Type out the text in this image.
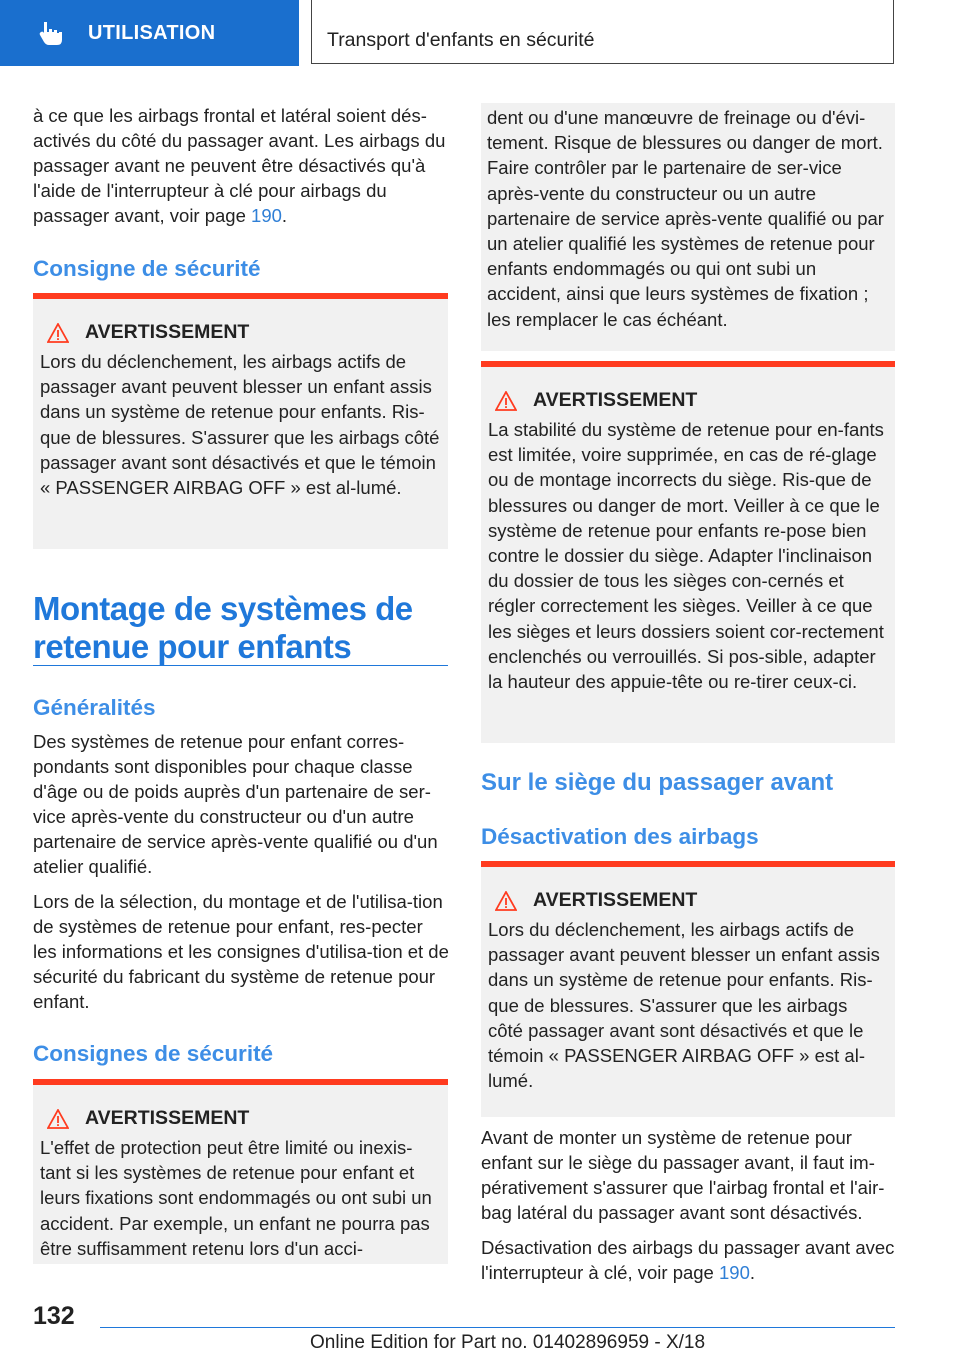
UTILISATION	Transport d'enfants en sécurité

à ce que les airbags frontal et latéral soient dés-activés du côté du passager avant. Les airbags du passager avant ne peuvent être désactivés qu'à l'aide de l'interrupteur à clé pour airbags du passager avant, voir page 190.

Consigne de sécurité
AVERTISSEMENT

Lors du déclenchement, les airbags actifs de passager avant peuvent blesser un enfant assis dans un système de retenue pour enfants. Ris-que de blessures. S'assurer que les airbags côté passager avant sont désactivés et que le témoin « PASSENGER AIRBAG OFF » est al-lumé.

Montage de systèmes de retenue pour enfants
Généralités

Des systèmes de retenue pour enfant corres-pondants sont disponibles pour chaque classe d'âge ou de poids auprès d'un partenaire de ser-vice après-vente du constructeur ou d'un autre partenaire de service après-vente qualifié ou d'un atelier qualifié.

Lors de la sélection, du montage et de l'utilisa-tion de systèmes de retenue pour enfant, res-pecter les informations et les consignes d'utilisa-tion et de sécurité du fabricant du système de retenue pour enfant.

Consignes de sécurité
AVERTISSEMENT

L'effet de protection peut être limité ou inexis-tant si les systèmes de retenue pour enfant et leurs fixations sont endommagés ou ont subi un accident. Par exemple, un enfant ne pourra pas être suffisamment retenu lors d'un acci-

dent ou d'une manœuvre de freinage ou d'évi-tement. Risque de blessures ou danger de mort. Faire contrôler par le partenaire de ser-vice après-vente du constructeur ou un autre partenaire de service après-vente qualifié ou par un atelier qualifié les systèmes de retenue pour enfants endommagés ou qui ont subi un accident, ainsi que leurs systèmes de fixation ; les remplacer le cas échéant.

AVERTISSEMENT

La stabilité du système de retenue pour en-fants est limitée, voire supprimée, en cas de ré-glage ou de montage incorrects du siège. Ris-que de blessures ou danger de mort. Veiller à ce que le système de retenue pour enfants re-pose bien contre le dossier du siège. Adapter l'inclinaison du dossier de tous les sièges con-cernés et régler correctement les sièges. Veiller à ce que les sièges et leurs dossiers soient cor-rectement enclenchés ou verrouillés. Si pos-sible, adapter la hauteur des appuie-tête ou re-tirer ceux-ci.

Sur le siège du passager avant
Désactivation des airbags
AVERTISSEMENT

Lors du déclenchement, les airbags actifs de passager avant peuvent blesser un enfant assis dans un système de retenue pour enfants. Ris-que de blessures. S'assurer que les airbags côté passager avant sont désactivés et que le témoin « PASSENGER AIRBAG OFF » est al-lumé.

Avant de monter un système de retenue pour enfant sur le siège du passager avant, il faut im-pérativement s'assurer que l'airbag frontal et l'air-bag latéral du passager avant sont désactivés.

Désactivation des airbags du passager avant avec l'interrupteur à clé, voir page 190.

132
Online Edition for Part no. 01402896959 - X/18
